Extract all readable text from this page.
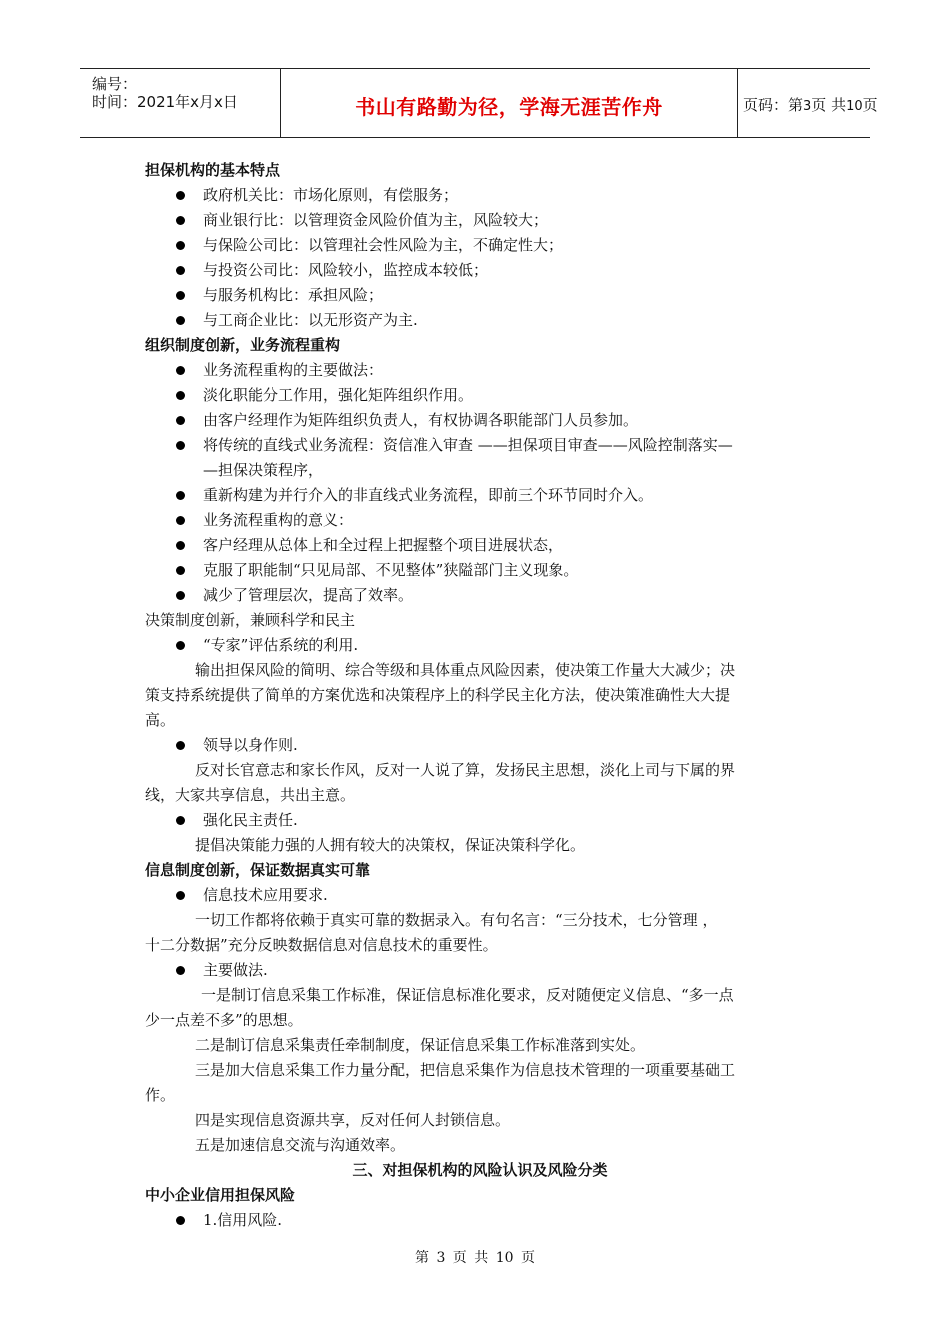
编号：
时间：2021年x月x日	书山有路勤为径，学海无涯苦作舟	页码：第3页 共10页
担保机构的基本特点
政府机关比：市场化原则，有偿服务；
商业银行比：以管理资金风险价值为主，风险较大；
与保险公司比：以管理社会性风险为主，不确定性大；
与投资公司比：风险较小，监控成本较低；
与服务机构比：承担风险；
与工商企业比：以无形资产为主.
组织制度创新，业务流程重构
业务流程重构的主要做法：
淡化职能分工作用，强化矩阵组织作用。
由客户经理作为矩阵组织负责人，有权协调各职能部门人员参加。
将传统的直线式业务流程：资信准入审查 ——担保项目审查——风险控制落实—
—担保决策程序，
重新构建为并行介入的非直线式业务流程，即前三个环节同时介入。
业务流程重构的意义：
客户经理从总体上和全过程上把握整个项目进展状态，
克服了职能制“只见局部、不见整体”狭隘部门主义现象。
减少了管理层次，提高了效率。
决策制度创新，兼顾科学和民主
“专家”评估系统的利用.
输出担保风险的简明、综合等级和具体重点风险因素，使决策工作量大大减少；决
策支持系统提供了简单的方案优选和决策程序上的科学民主化方法，使决策准确性大大提
高。
领导以身作则.
反对长官意志和家长作风，反对一人说了算，发扬民主思想，淡化上司与下属的界
线，大家共享信息，共出主意。
强化民主责任.
提倡决策能力强的人拥有较大的决策权，保证决策科学化。
信息制度创新，保证数据真实可靠
信息技术应用要求.
一切工作都将依赖于真实可靠的数据录入。有句名言：“三分技术，七分管理 ，
十二分数据”充分反映数据信息对信息技术的重要性。
主要做法.
一是制订信息采集工作标准，保证信息标准化要求，反对随便定义信息、“多一点
少一点差不多”的思想。
二是制订信息采集责任牵制制度，保证信息采集工作标准落到实处。
三是加大信息采集工作力量分配，把信息采集作为信息技术管理的一项重要基础工
作。
四是实现信息资源共享，反对任何人封锁信息。
五是加速信息交流与沟通效率。
三、对担保机构的风险认识及风险分类
中小企业信用担保风险
1.信用风险.
第 3 页 共 10 页
